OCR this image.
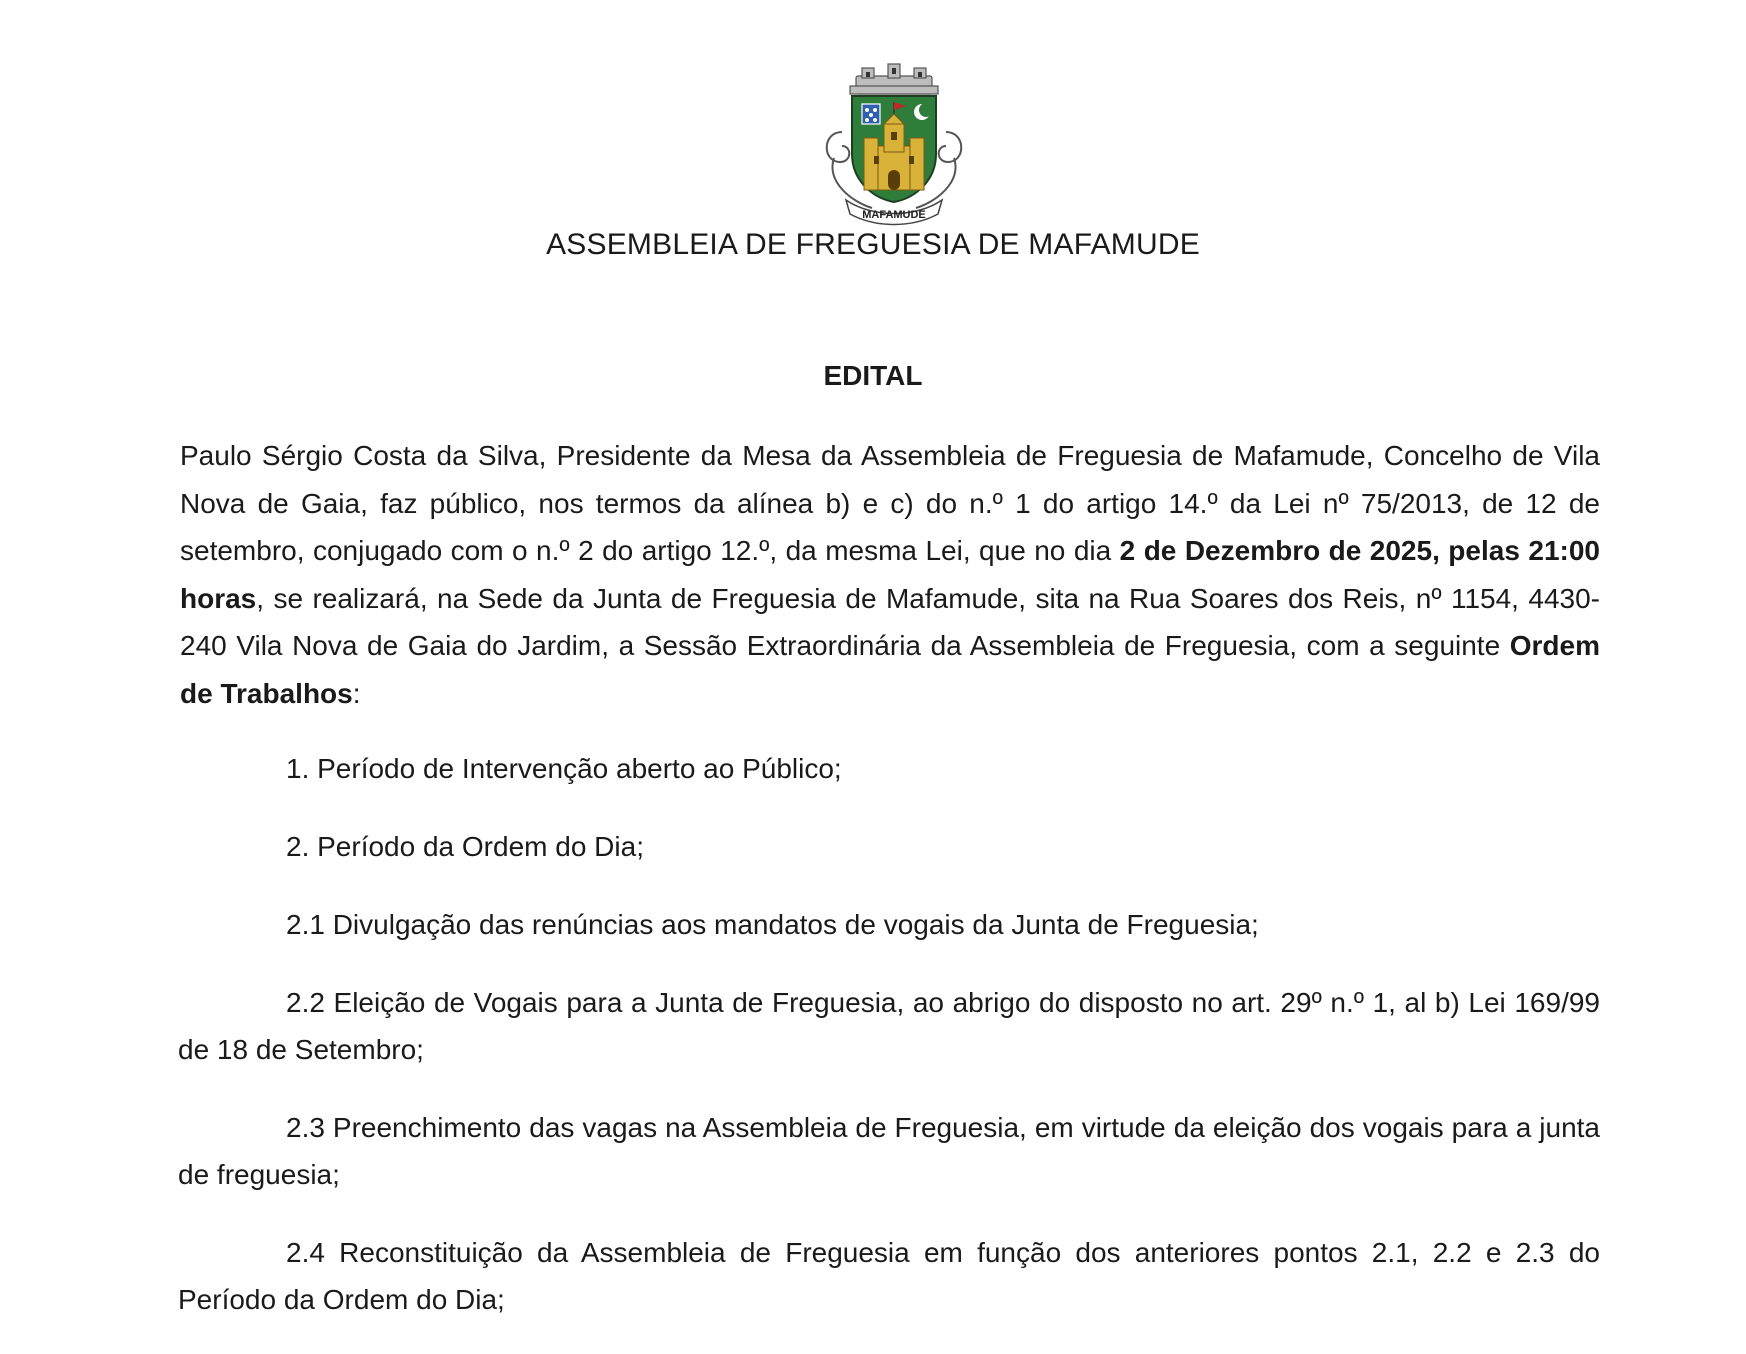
MAFAMUDE
ASSEMBLEIA DE FREGUESIA DE MAFAMUDE
EDITAL
Paulo Sérgio Costa da Silva, Presidente da Mesa da Assembleia de Freguesia de Mafamude, Concelho de Vila Nova de Gaia, faz público, nos termos da alínea b) e c) do n.º 1 do artigo 14.º da Lei nº 75/2013, de 12 de setembro, conjugado com o n.º 2 do artigo 12.º, da mesma Lei, que no dia 2 de Dezembro de 2025, pelas 21:00 horas, se realizará, na Sede da Junta de Freguesia de Mafamude, sita na Rua Soares dos Reis, nº 1154, 4430-240 Vila Nova de Gaia do Jardim, a Sessão Extraordinária da Assembleia de Freguesia, com a seguinte Ordem de Trabalhos:

1. Período de Intervenção aberto ao Público;

2. Período da Ordem do Dia;

2.1 Divulgação das renúncias aos mandatos de vogais da Junta de Freguesia;

2.2 Eleição de Vogais para a Junta de Freguesia, ao abrigo do disposto no art. 29º n.º 1, al b) Lei 169/99 de 18 de Setembro;

2.3 Preenchimento das vagas na Assembleia de Freguesia, em virtude da eleição dos vogais para a junta de freguesia;

2.4 Reconstituição da Assembleia de Freguesia em função dos anteriores pontos 2.1, 2.2 e 2.3 do Período da Ordem do Dia;
